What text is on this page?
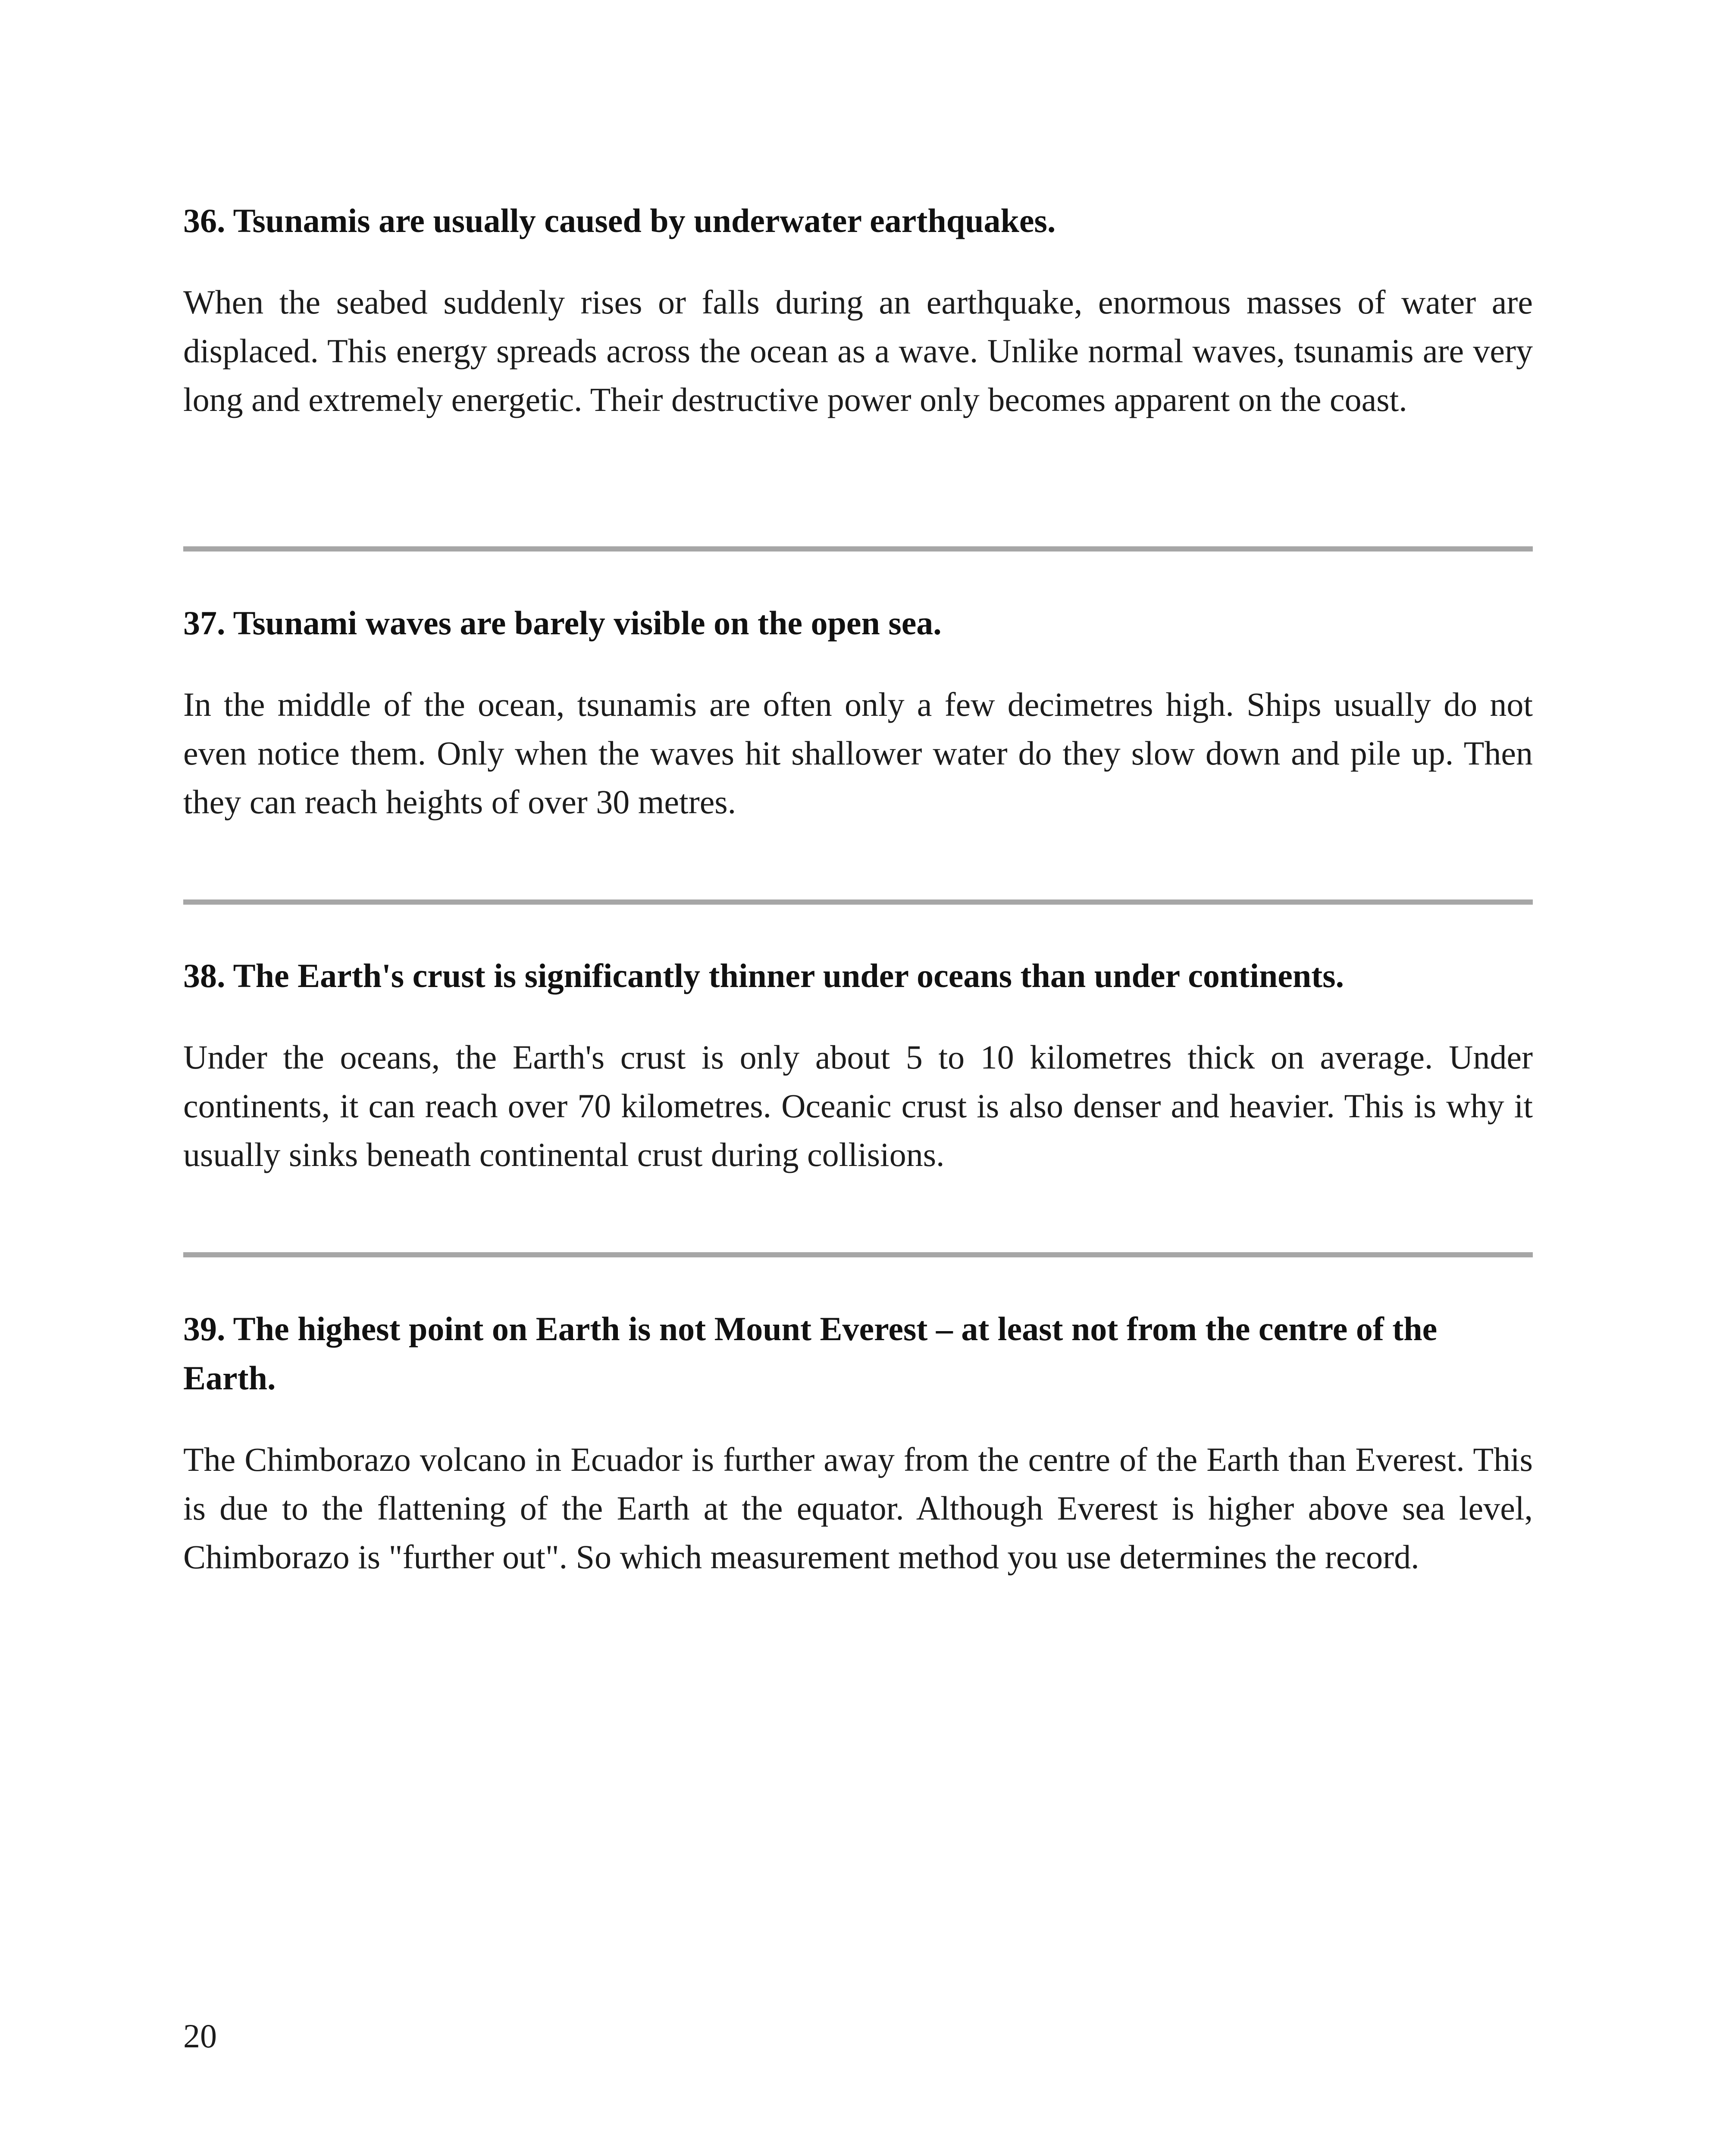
36. Tsunamis are usually caused by underwater earthquakes.

When the seabed suddenly rises or falls during an earthquake, enormous masses of water are displaced. This energy spreads across the ocean as a wave. Unlike normal waves, tsunamis are very long and extremely energetic. Their destructive power only becomes apparent on the coast.

37. Tsunami waves are barely visible on the open sea.

In the middle of the ocean, tsunamis are often only a few decimetres high. Ships usually do not even notice them. Only when the waves hit shallower water do they slow down and pile up. Then they can reach heights of over 30 metres.

38. The Earth's crust is significantly thinner under oceans than under continents.

Under the oceans, the Earth's crust is only about 5 to 10 kilometres thick on average. Under continents, it can reach over 70 kilometres. Oceanic crust is also denser and heavier. This is why it usually sinks beneath continental crust during collisions.

39. The highest point on Earth is not Mount Everest – at least not from the centre of the Earth.

The Chimborazo volcano in Ecuador is further away from the centre of the Earth than Everest. This is due to the flattening of the Earth at the equator. Although Everest is higher above sea level, Chimborazo is "further out". So which measurement method you use determines the record.

20
